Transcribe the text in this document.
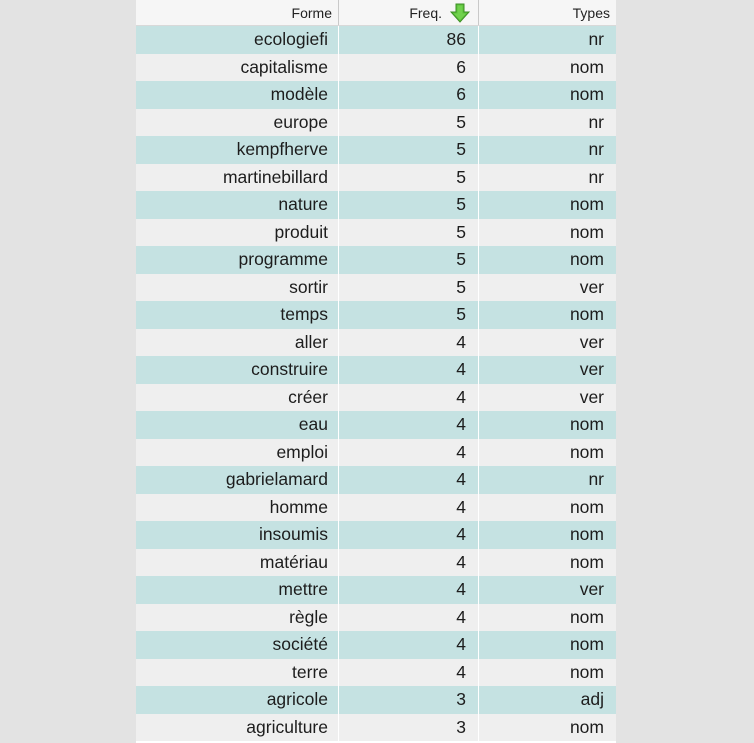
Forme	Freq.	Types
ecologiefi	86	nr
capitalisme	6	nom
modèle	6	nom
europe	5	nr
kempfherve	5	nr
martinebillard	5	nr
nature	5	nom
produit	5	nom
programme	5	nom
sortir	5	ver
temps	5	nom
aller	4	ver
construire	4	ver
créer	4	ver
eau	4	nom
emploi	4	nom
gabrielamard	4	nr
homme	4	nom
insoumis	4	nom
matériau	4	nom
mettre	4	ver
règle	4	nom
société	4	nom
terre	4	nom
agricole	3	adj
agriculture	3	nom
